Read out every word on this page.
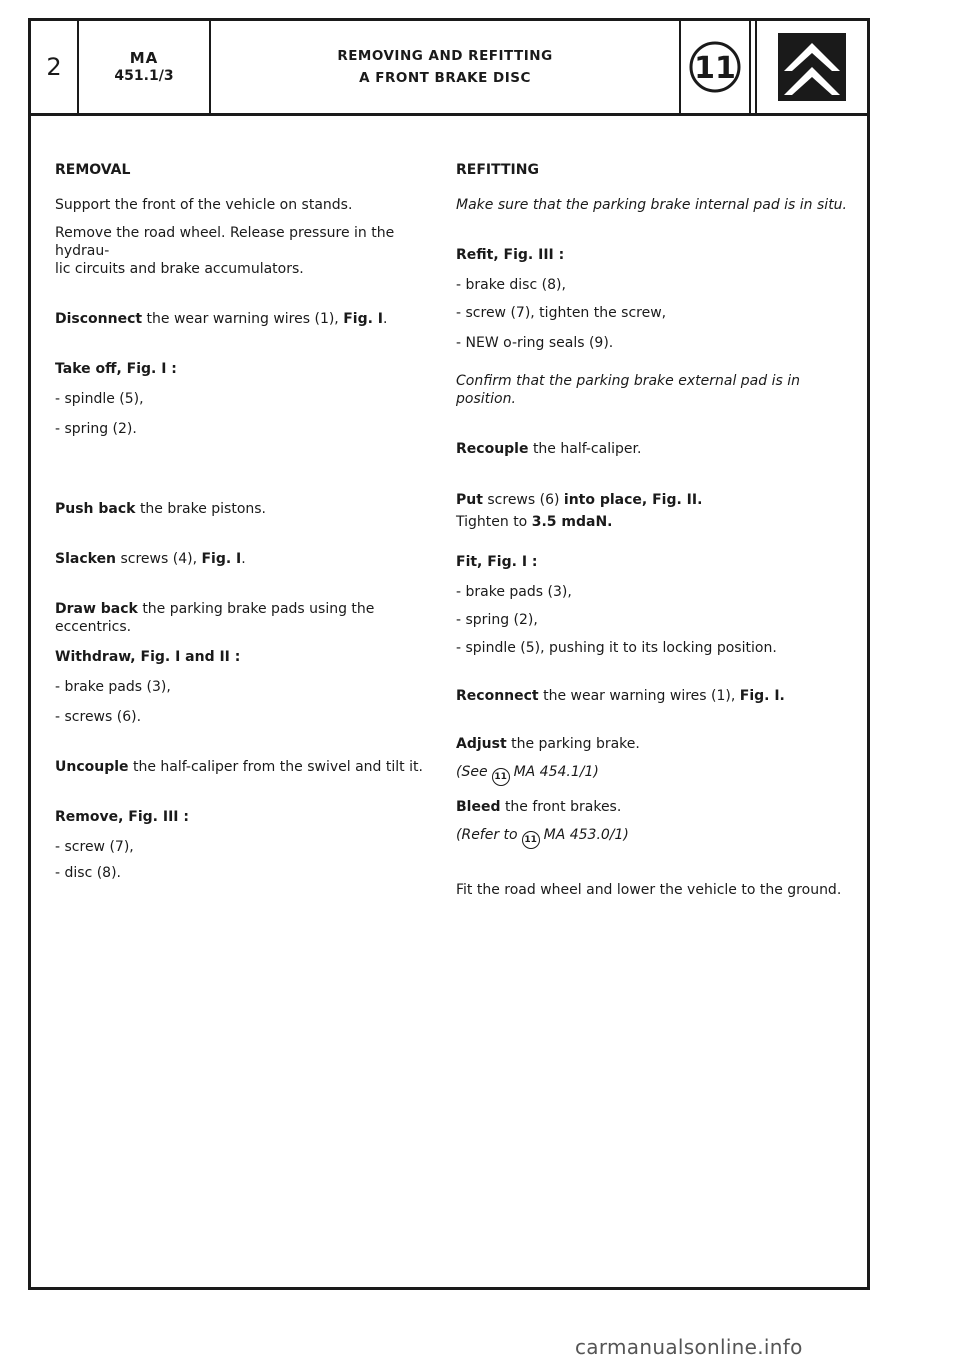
2	MA
451.1/3
REMOVING AND REFITTING
A FRONT BRAKE DISC	11

REMOVAL

Support the front of the vehicle on stands.

Remove the road wheel. Release pressure in the hydrau-

lic circuits and brake accumulators.

Disconnect the wear warning wires (1), Fig. I.

Take off, Fig. I :

- spindle (5),

- spring (2).

Push back the brake pistons.

Slacken screws (4), Fig. I.

Draw back the parking brake pads using the eccentrics.

Withdraw, Fig. I and II :

- brake pads (3),

- screws (6).

Uncouple the half-caliper from the swivel and tilt it.

Remove, Fig. III :

- screw (7),

- disc (8).

REFITTING

Make sure that the parking brake internal pad is in situ.

Refit, Fig. III :

- brake disc (8),

- screw (7), tighten the screw,

- NEW o-ring seals (9).

Confirm that the parking brake external pad is in position.

Recouple the half-caliper.

Put screws (6) into place, Fig. II.

Tighten to 3.5 mdaN.

Fit, Fig. I :

- brake pads (3),

- spring (2),

- spindle (5), pushing it to its locking position.

Reconnect the wear warning wires (1), Fig. I.

Adjust the parking brake.

(See 11 MA 454.1/1)

Bleed the front brakes.

(Refer to 11 MA 453.0/1)

Fit the road wheel and lower the vehicle to the ground.

carmanualsonline.info
